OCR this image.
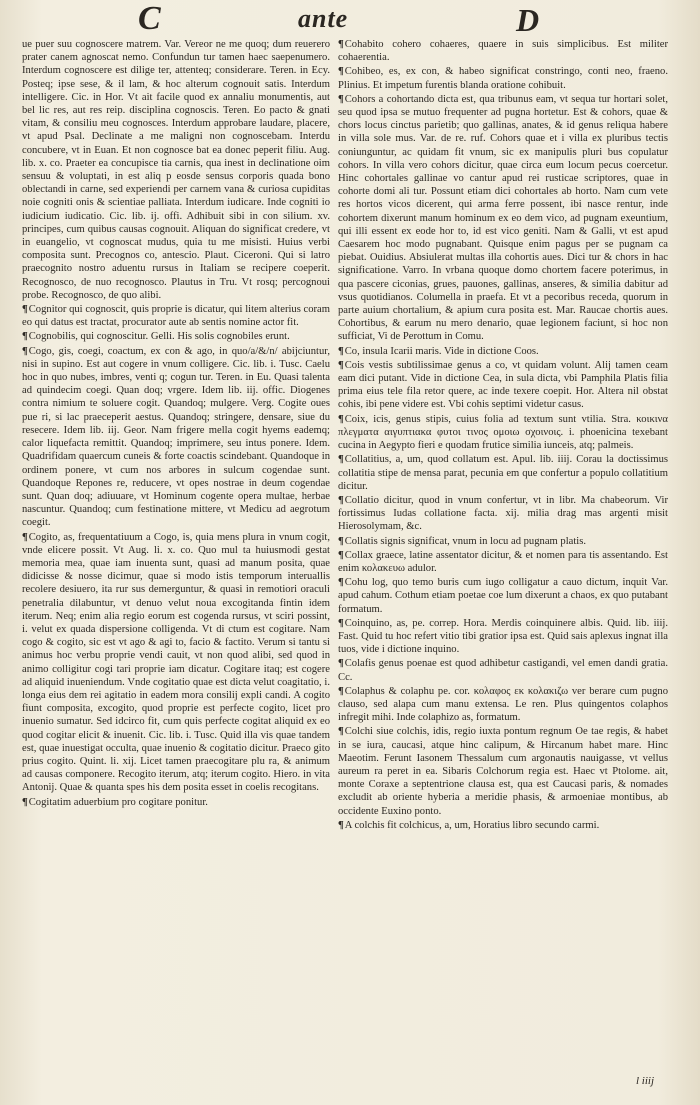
C	ante	D
ue puer suu cognoscere matrem. Var. Vereor ne me quoq; dum reuerero prater canem agnoscat nemo. Confundun tur tamen haec saepenumero. Interdum cognoscere est dilige ter, attenteq; considerare. Teren. in Ecy. Posteq; ipse sese, & il lam, & hoc alterum cognouit satis. Interdum intelligere. Cic. in Hor. Vt ait facile quod ex annaliu monumentis, aut bel lic res, aut res reip. disciplina cognoscis. Teren. Eo pacto & gnati vitam, & consiliu meu cognosces. Interdum approbare laudare, placere, vt apud Psal. Declinate a me maligni non cognoscebam. Interdu concubere, vt in Euan. Et non cognosce bat ea donec peperit filiu. Aug. lib. x. co. Praeter ea concupisce tia carnis, qua inest in declinatione oim sensuu & voluptati, in est aliq p eosde sensus corporis quada bono oblectandi in carne, sed experiendi per carnem vana & curiosa cupiditas noie cogniti onis & scientiae palliata. Interdum iudicare. Inde cogniti io iudicium iudicatio. Cic. lib. ij. offi. Adhibuit sibi in con silium. xv. principes, cum quibus causas cognouit. Aliquan do significat credere, vt in euangelio, vt cognoscat mudus, quia tu me misisti. Huius verbi composita sunt. Precognos co, antescio. Plaut. Ciceroni. Qui si latro praecognito nostro aduentu rursus in Italiam se recipere coeperit. Recognosco, de nuo recognosco. Plautus in Tru. Vt rosq; percognoui probe. Recognosco, de quo alibi.
¶Cognitor qui cognoscit, quis proprie is dicatur, qui litem alterius coram eo qui datus est tractat, procurator aute ab sentis nomine actor fit.
¶Cognobilis, qui cognoscitur. Gelli. His solis cognobiles erunt.
¶Cogo, gis, coegi, coactum, ex con & ago, in quo/a/&/n/ abijciuntur, nisi in supino. Est aut cogere in vnum colligere. Cic. lib. i. Tusc. Caelu hoc in quo nubes, imbres, venti q; cogun tur. Teren. in Eu. Quasi talenta ad quindecim coegi. Quan doq; vrgere. Idem lib. iij. offic. Diogenes contra nimium te soluere cogit. Quandoq; mulgere. Verg. Cogite oues pue ri, si lac praeceperit aestus. Quandoq; stringere, densare, siue du resecere. Idem lib. iij. Geor. Nam frigere mella cogit hyems eademq; calor liquefacta remittit. Quandoq; imprimere, seu intus ponere. Idem. Quadrifidam quaercum cuneis & forte coactis scindebant. Quandoque in ordinem ponere, vt cum nos arbores in sulcum cogendae sunt. Quandoque Repones re, reducere, vt opes nostrae in deum cogendae sunt. Quan doq; adiuuare, vt Hominum cogente opera multae, herbae nascuntur. Quandoq; cum festinatione mittere, vt Medicu ad aegrotum coegit.
¶Cogito, as, frequentatiuum a Cogo, is, quia mens plura in vnum cogit, vnde elicere possit. Vt Aug. li. x. co. Quo mul ta huiusmodi gestat memoria mea, quae iam inuenta sunt, quasi ad manum posita, quae didicisse & nosse dicimur, quae si modo istis temporum interuallis recolere desiuero, ita rur sus demerguntur, & quasi in remotiori oraculi penetralia dilabuntur, vt denuo velut noua excogitanda fintin idem iterum. Neq; enim alia regio eorum est cogenda rursus, vt sciri possint, i. velut ex quada dispersione colligenda. Vt di ctum est cogitare. Nam cogo & cogito, sic est vt ago & agi to, facio & factito. Verum si tantu si animus hoc verbu proprie vendi cauit, vt non quod alibi, sed quod in animo colligitur cogi tari proprie iam dicatur. Cogitare itaq; est cogere ad aliquid inueniendum. Vnde cogitatio quae est dicta velut coagitatio, i. longa eius dem rei agitatio in eadem mora consilij expli candi. A cogito fiunt composita, excogito, quod proprie est perfecte cogito, licet pro inuenio sumatur. Sed idcirco fit, cum quis perfecte cogitat aliquid ex eo quod cogitar elicit & inuenit. Cic. lib. i. Tusc. Quid illa vis quae tandem est, quae inuestigat occulta, quae inuenio & cogitatio dicitur. Praeco gito prius cogito. Quint. li. xij. Licet tamen praecogitare plu ra, & animum ad causas componere. Recogito iterum, atq; iterum cogito. Hiero. in vita Antonij. Quae & quanta spes his dem posita esset in coelis recogitans.
¶Cogitatim aduerbium pro cogitare ponitur.
¶Cohabito cohero cohaeres, quaere in suis simplicibus. Est militer cohaerentia.
¶Cohibeo, es, ex con, & habeo significat constringo, conti neo, fraeno. Plinius. Et impetum furentis blanda oratione cohibuit.
¶Cohors a cohortando dicta est, qua tribunus eam, vt sequa tur hortari solet, seu quod ipsa se mutuo frequenter ad pugna hortetur. Est & cohors, quae & chors locus cinctus parietib; quo gallinas, anates, & id genus reliqua habere in villa sole mus. Var. de re. ruf. Cohors quae et i villa ex pluribus tectis coniunguntur, ac quidam fit vnum, sic ex manipulis pluri bus copulatur cohors. In villa vero cohors dicitur, quae circa eum locum pecus coercetur. Hinc cohortales gallinae vo cantur apud rei rusticae scriptores, quae in cohorte domi ali tur. Possunt etiam dici cohortales ab horto. Nam cum vete res hortos vicos dicerent, qui arma ferre possent, ibi nasce rentur, inde cohortem dixerunt manum hominum ex eo dem vico, ad pugnam exeuntium, qui illi essent ex eode hor to, id est vico geniti. Nam & Galli, vt est apud Caesarem hoc modo pugnabant. Quisque enim pagus per se pugnam ca piebat. Ouidius. Absiulerat multas illa cohortis aues. Dici tur & chors in hac significatione. Varro. In vrbana quoque domo chortem facere poterimus, in qua pascere ciconias, grues, pauones, gallinas, anseres, & similia dabitur ad vsus quotidianos. Columella in praefa. Et vt a pecoribus receda, quorum in parte auium chortalium, & apium cura posita est. Mar. Raucae chortis aues. Cohortibus, & earum nu mero denario, quae legionem faciunt, si hoc non sufficiat, Vi de Perottum in Comu.
¶Co, insula Icarii maris. Vide in dictione Coos.
¶Cois vestis subtilissimae genus a co, vt quidam volunt. Alij tamen ceam eam dici putant. Vide in dictione Cea, in sula dicta, vbi Pamphila Platis filia prima eius tele fila retor quere, ac inde texere coepit. Hor. Altera nil obstat cohis, ibi pene videre est. Vbi cohis septimi videtur casus.
¶Coix, icis, genus stipis, cuius folia ad textum sunt vtilia. Stra. κοικινα πλεγματα αιγυπτιακα φυτοι τινος ομοιω σχοινοις. i. phoenicina texebant cucina in Aegypto fieri e quodam frutice similia iunceis, atq; palmeis.
¶Collatitius, a, um, quod collatum est. Apul. lib. iiij. Corau la doctissimus collatitia stipe de mensa parat, pecunia em que confertur a populo collatitium dicitur.
¶Collatio dicitur, quod in vnum confertur, vt in libr. Ma chabeorum. Vir fortissimus Iudas collatione facta. xij. milia drag mas argenti misit Hierosolymam, &c.
¶Collatis signis significat, vnum in locu ad pugnam platis.
¶Collax graece, latine assentator dicitur, & et nomen para tis assentando. Est enim κολακευω adulor.
¶Cohu log, quo temo buris cum iugo colligatur a cauo dictum, inquit Var. apud cahum. Cothum etiam poetae coe lum dixerunt a chaos, ex quo putabant formatum.
¶Coinquino, as, pe. correp. Hora. Merdis coinquinere albis. Quid. lib. iiij. Fast. Quid tu hoc refert vitio tibi gratior ipsa est. Quid sais aplexus ingnat illa tuos, vide i dictione inquino.
¶Colafis genus poenae est quod adhibetur castigandi, vel emen dandi gratia. Cc.
¶Colaphus & colaphu pe. cor. κολαφος εκ κολακιζω ver berare cum pugno clauso, sed alapa cum manu extensa. Le ren. Plus quingentos colaphos infregit mihi. Inde colaphizo as, formatum.
¶Colchi siue colchis, idis, regio iuxta pontum regnum Oe tae regis, & habet in se iura, caucasi, atque hinc calipum, & Hircanum habet mare. Hinc Maeotim. Ferunt Iasonem Thessalum cum argonautis nauigasse, vt vellus aureum ra peret in ea. Sibaris Colchorum regia est. Haec vt Ptolome. ait, monte Coraxe a septentrione clausa est, qua est Caucasi paris, & nomades excludit ab oriente hyberia a meridie phasis, & armoeniae montibus, ab occidente Euxino ponto.
¶A colchis fit colchicus, a, um, Horatius libro secundo carmi.
l iiij
